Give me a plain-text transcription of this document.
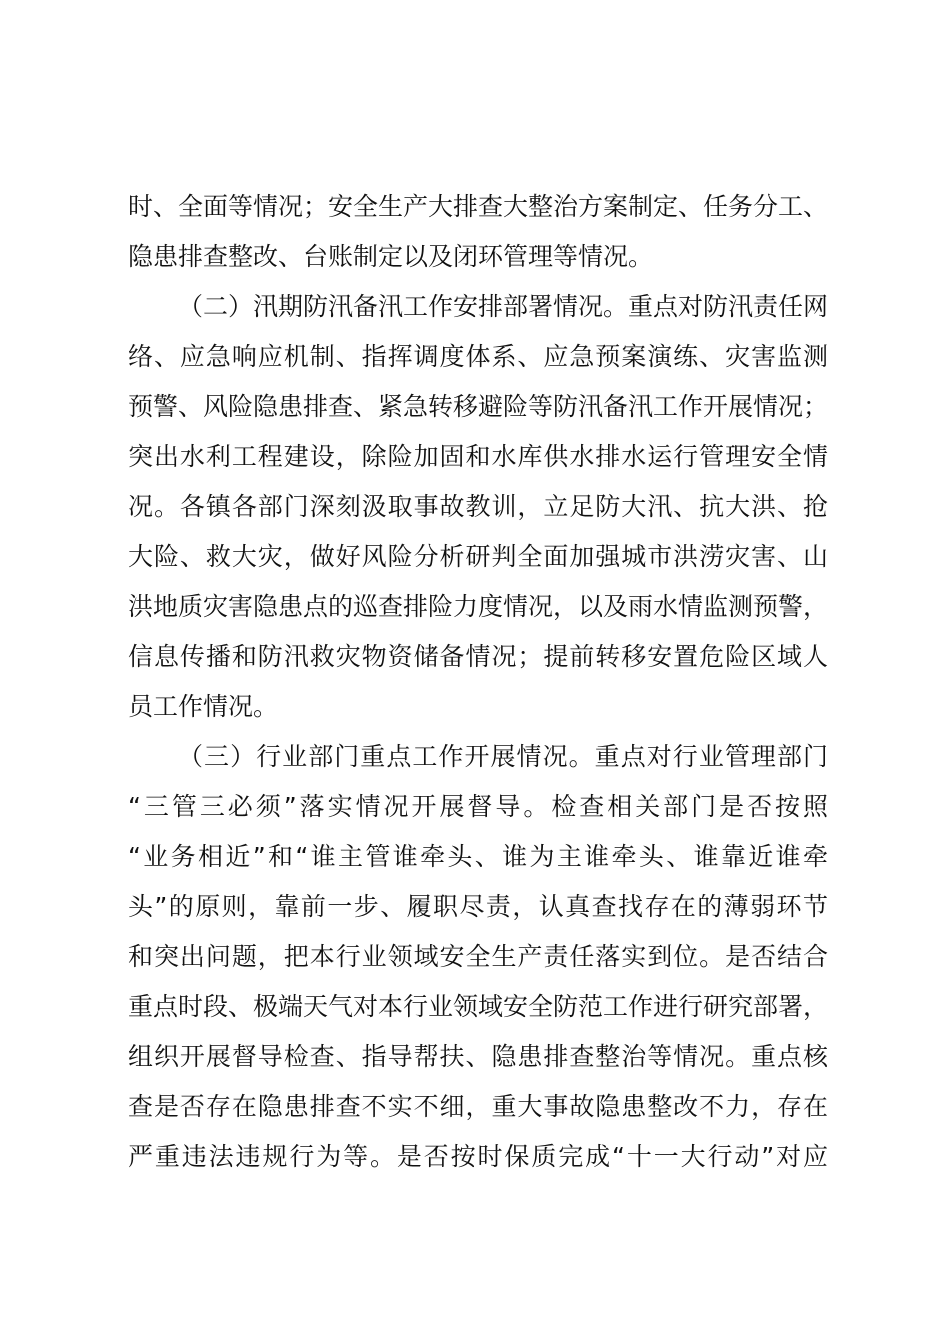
时、全面等情况；安全生产大排查大整治方案制定、任务分工、
隐患排查整改、台账制定以及闭环管理等情况。
（二）汛期防汛备汛工作安排部署情况。重点对防汛责任网
络、应急响应机制、指挥调度体系、应急预案演练、灾害监测
预警、风险隐患排查、紧急转移避险等防汛备汛工作开展情况；
突出水利工程建设，除险加固和水库供水排水运行管理安全情
况。各镇各部门深刻汲取事故教训，立足防大汛、抗大洪、抢
大险、救大灾，做好风险分析研判全面加强城市洪涝灾害、山
洪地质灾害隐患点的巡查排险力度情况，以及雨水情监测预警，
信息传播和防汛救灾物资储备情况；提前转移安置危险区域人
员工作情况。
（三）行业部门重点工作开展情况。重点对行业管理部门
“三管三必须”落实情况开展督导。检查相关部门是否按照
“业务相近”和“谁主管谁牵头、谁为主谁牵头、谁靠近谁牵
头”的原则，靠前一步、履职尽责，认真查找存在的薄弱环节
和突出问题，把本行业领域安全生产责任落实到位。是否结合
重点时段、极端天气对本行业领域安全防范工作进行研究部署，
组织开展督导检查、指导帮扶、隐患排查整治等情况。重点核
查是否存在隐患排查不实不细，重大事故隐患整改不力，存在
严重违法违规行为等。是否按时保质完成“十一大行动”对应
